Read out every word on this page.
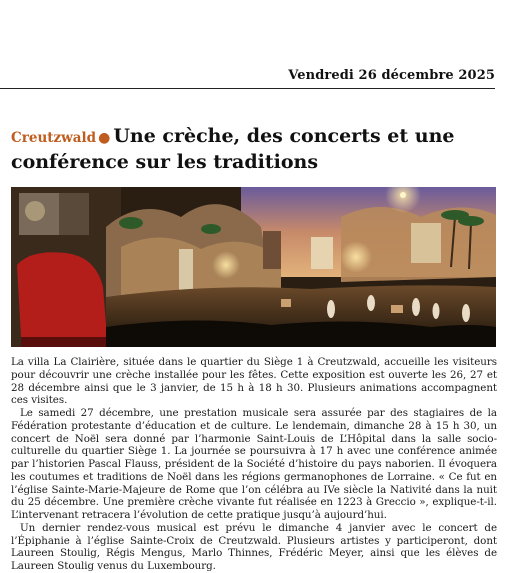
Vendredi 26 décembre 2025
Creutzwald ● Une crèche, des concerts et une conférence sur les traditions

La villa La Clairière, située dans le quartier du Siège 1 à Creutzwald, accueille les visiteurs pour découvrir une crèche installée pour les fêtes. Cette exposition est ouverte les 26, 27 et 28 décembre ainsi que le 3 janvier, de 15 h à 18 h 30. Plusieurs animations accompagnent ces visites.

Le samedi 27 décembre, une prestation musicale sera assurée par des stagiaires de la Fédération protestante d’éducation et de culture. Le lendemain, dimanche 28 à 15 h 30, un concert de Noël sera donné par l’harmonie Saint-Louis de L’Hôpital dans la salle socio-culturelle du quartier Siège 1. La journée se poursuivra à 17 h avec une conférence animée par l’historien Pascal Flauss, président de la Société d’histoire du pays naborien. Il évoquera les coutumes et traditions de Noël dans les régions germanophones de Lorraine. « Ce fut en l’église Sainte-Marie-Majeure de Rome que l’on célébra au IVe siècle la Nativité dans la nuit du 25 décembre. Une première crèche vivante fut réalisée en 1223 à Greccio », explique-t-il. L’intervenant retracera l’évolution de cette pratique jusqu’à aujourd’hui.

Un dernier rendez-vous musical est prévu le dimanche 4 janvier avec le concert de l’Épiphanie à l’église Sainte-Croix de Creutzwald. Plusieurs artistes y participeront, dont Laureen Stoulig, Régis Mengus, Marlo Thinnes, Frédéric Meyer, ainsi que les élèves de Laureen Stoulig venus du Luxembourg.
